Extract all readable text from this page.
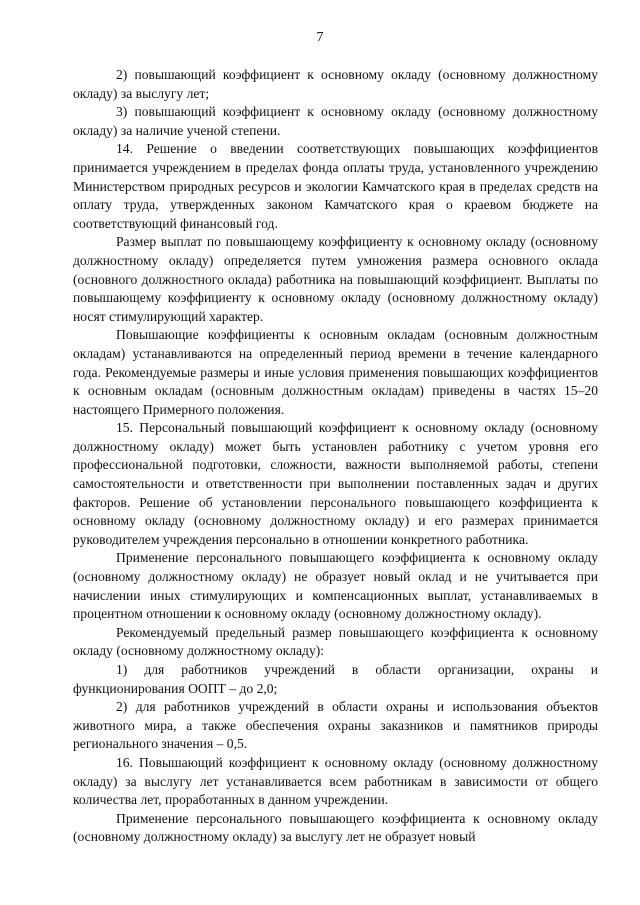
7

2) повышающий коэффициент к основному окладу (основному должностному окладу) за выслугу лет;

3) повышающий коэффициент к основному окладу (основному должностному окладу) за наличие ученой степени.

14. Решение о введении соответствующих повышающих коэффициентов принимается учреждением в пределах фонда оплаты труда, установленного учреждению Министерством природных ресурсов и экологии Камчатского края в пределах средств на оплату труда, утвержденных законом Камчатского края о краевом бюджете на соответствующий финансовый год.

Размер выплат по повышающему коэффициенту к основному окладу (основному должностному окладу) определяется путем умножения размера основного оклада (основного должностного оклада) работника на повышающий коэффициент. Выплаты по повышающему коэффициенту к основному окладу (основному должностному окладу) носят стимулирующий характер.

Повышающие коэффициенты к основным окладам (основным должностным окладам) устанавливаются на определенный период времени в течение календарного года. Рекомендуемые размеры и иные условия применения повышающих коэффициентов к основным окладам (основным должностным окладам) приведены в частях 15–20 настоящего Примерного положения.

15. Персональный повышающий коэффициент к основному окладу (основному должностному окладу) может быть установлен работнику с учетом уровня его профессиональной подготовки, сложности, важности выполняемой работы, степени самостоятельности и ответственности при выполнении поставленных задач и других факторов. Решение об установлении персонального повышающего коэффициента к основному окладу (основному должностному окладу) и его размерах принимается руководителем учреждения персонально в отношении конкретного работника.

Применение персонального повышающего коэффициента к основному окладу (основному должностному окладу) не образует новый оклад и не учитывается при начислении иных стимулирующих и компенсационных выплат, устанавливаемых в процентном отношении к основному окладу (основному должностному окладу).

Рекомендуемый предельный размер повышающего коэффициента к основному окладу (основному должностному окладу):

1) для работников учреждений в области организации, охраны и функционирования ООПТ – до 2,0;

2) для работников учреждений в области охраны и использования объектов животного мира, а также обеспечения охраны заказников и памятников природы регионального значения – 0,5.

16. Повышающий коэффициент к основному окладу (основному должностному окладу) за выслугу лет устанавливается всем работникам в зависимости от общего количества лет, проработанных в данном учреждении.

Применение персонального повышающего коэффициента к основному окладу (основному должностному окладу) за выслугу лет не образует новый
